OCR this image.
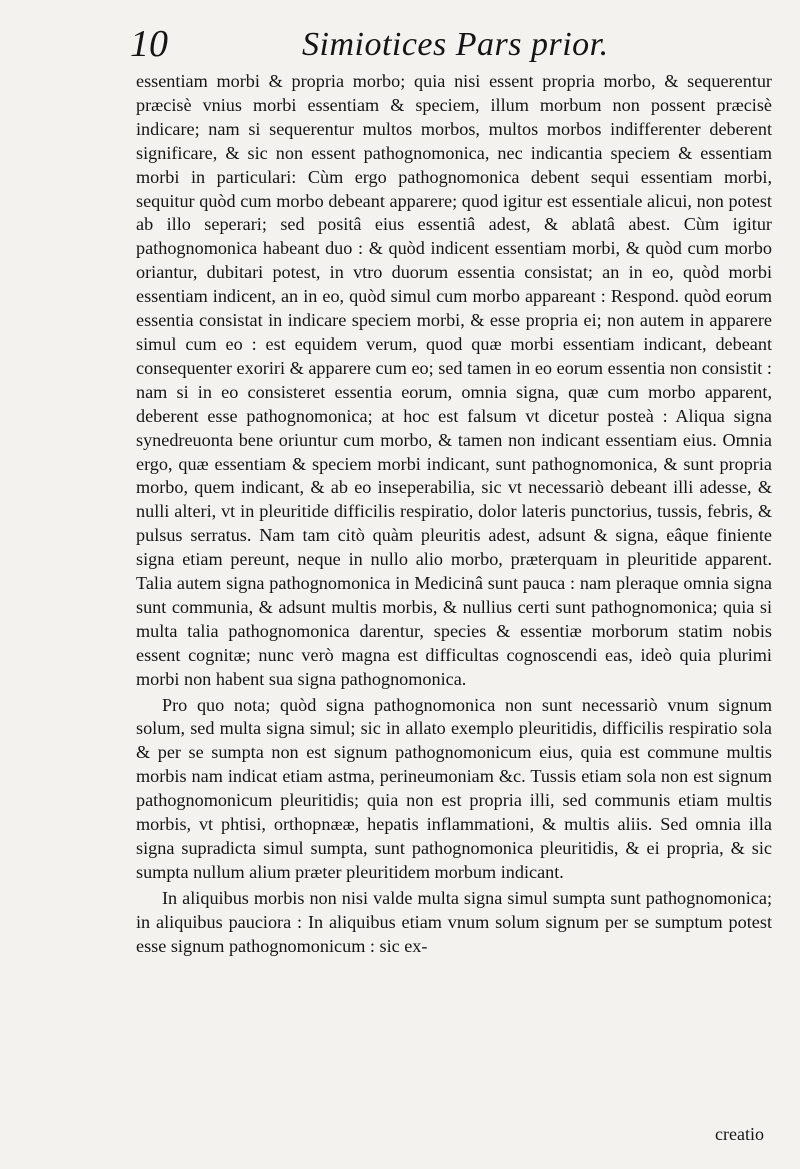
10	Simiotices Pars prior.

essentiam morbi & propria morbo; quia nisi essent propria morbo, & sequerentur præcisè vnius morbi essentiam & speciem, illum morbum non possent præcisè indicare; nam si sequerentur multos morbos, multos morbos indifferenter deberent significare, & sic non essent pathognomonica, nec indicantia speciem & essentiam morbi in particulari: Cùm ergo pathognomonica debent sequi essentiam morbi, sequitur quòd cum morbo debeant apparere; quod igitur est essentiale alicui, non potest ab illo seperari; sed positâ eius essentiâ adest, & ablatâ abest. Cùm igitur pathognomonica habeant duo : & quòd indicent essentiam morbi, & quòd cum morbo oriantur, dubitari potest, in vtro duorum essentia consistat; an in eo, quòd morbi essentiam indicent, an in eo, quòd simul cum morbo appareant : Respond. quòd eorum essentia consistat in indicare speciem morbi, & esse propria ei; non autem in apparere simul cum eo : est equidem verum, quod quæ morbi essentiam indicant, debeant consequenter exoriri & apparere cum eo; sed tamen in eo eorum essentia non consistit : nam si in eo consisteret essentia eorum, omnia signa, quæ cum morbo apparent, deberent esse pathognomonica; at hoc est falsum vt dicetur posteà : Aliqua signa synedreuonta bene oriuntur cum morbo, & tamen non indicant essentiam eius. Omnia ergo, quæ essentiam & speciem morbi indicant, sunt pathognomonica, & sunt propria morbo, quem indicant, & ab eo inseperabilia, sic vt necessariò debeant illi adesse, & nulli alteri, vt in pleuritide difficilis respiratio, dolor lateris punctorius, tussis, febris, & pulsus serratus. Nam tam citò quàm pleuritis adest, adsunt & signa, eâque finiente signa etiam pereunt, neque in nullo alio morbo, præterquam in pleuritide apparent. Talia autem signa pathognomonica in Medicinâ sunt pauca : nam pleraque omnia signa sunt communia, & adsunt multis morbis, & nullius certi sunt pathognomonica; quia si multa talia pathognomonica darentur, species & essentiæ morborum statim nobis essent cognitæ; nunc verò magna est difficultas cognoscendi eas, ideò quia plurimi morbi non habent sua signa pathognomonica.

Pro quo nota; quòd signa pathognomonica non sunt necessariò vnum signum solum, sed multa signa simul; sic in allato exemplo pleuritidis, difficilis respiratio sola & per se sumpta non est signum pathognomonicum eius, quia est commune multis morbis nam indicat etiam astma, perineumoniam &c. Tussis etiam sola non est signum pathognomonicum pleuritidis; quia non est propria illi, sed communis etiam multis morbis, vt phtisi, orthopnææ, hepatis inflammationi, & multis aliis. Sed omnia illa signa supradicta simul sumpta, sunt pathognomonica pleuritidis, & ei propria, & sic sumpta nullum alium præter pleuritidem morbum indicant.

In aliquibus morbis non nisi valde multa signa simul sumpta sunt pathognomonica; in aliquibus pauciora : In aliquibus etiam vnum solum signum per se sumptum potest esse signum pathognomonicum : sic ex-

creatio
